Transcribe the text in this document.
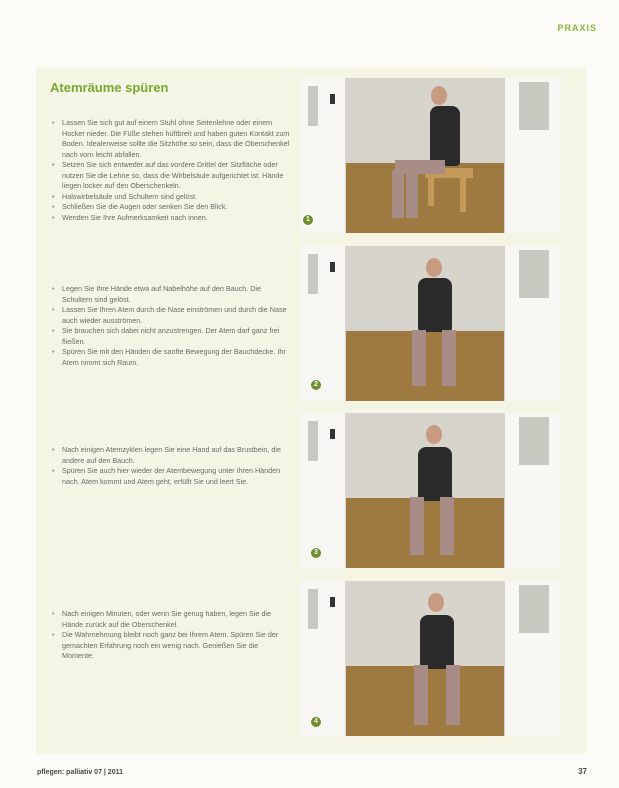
PRAXIS
Atemräume spüren
• Lassen Sie sich gut auf einem Stuhl ohne Seitenlehne oder einem Hocker nieder. Die Füße stehen hüftbreit und haben guten Kontakt zum Boden. Idealerweise sollte die Sitzhöhe so sein, dass die Oberschenkel nach vorn leicht abfallen.
• Setzen Sie sich entweder auf das vordere Drittel der Sitzfläche oder nutzen Sie die Lehne so, dass die Wirbelsäule aufgerichtet ist. Hände liegen locker auf den Oberschenkeln.
• Halswirbelsäule und Schultern sind gelöst.
• Schließen Sie die Augen oder senken Sie den Blick.
• Wenden Sie Ihre Aufmerksamkeit nach innen.
• Legen Sie Ihre Hände etwa auf Nabelhöhe auf den Bauch. Die Schultern sind gelöst.
• Lassen Sie Ihren Atem durch die Nase einströmen und durch die Nase auch wieder ausströmen.
• Sie brauchen sich dabei nicht anzustrengen. Der Atem darf ganz frei fließen.
• Spüren Sie mit den Händen die sanfte Bewegung der Bauchdecke. Ihr Atem nimmt sich Raum.
• Nach einigen Atemzyklen legen Sie eine Hand auf das Brustbein, die andere auf den Bauch.
• Spüren Sie auch hier wieder der Atembewegung unter Ihren Händen nach. Atem kommt und Atem geht, erfüllt Sie und leert Sie.
• Nach einigen Minuten, oder wenn Sie genug haben, legen Sie die Hände zurück auf die Oberschenkel.
• Die Wahrnehmung bleibt noch ganz bei Ihrem Atem. Spüren Sie der gemachten Erfahrung noch ein wenig nach. Genießen Sie die Momente.
1
2
3
4
pflegen: palliativ 07 | 2011	37
